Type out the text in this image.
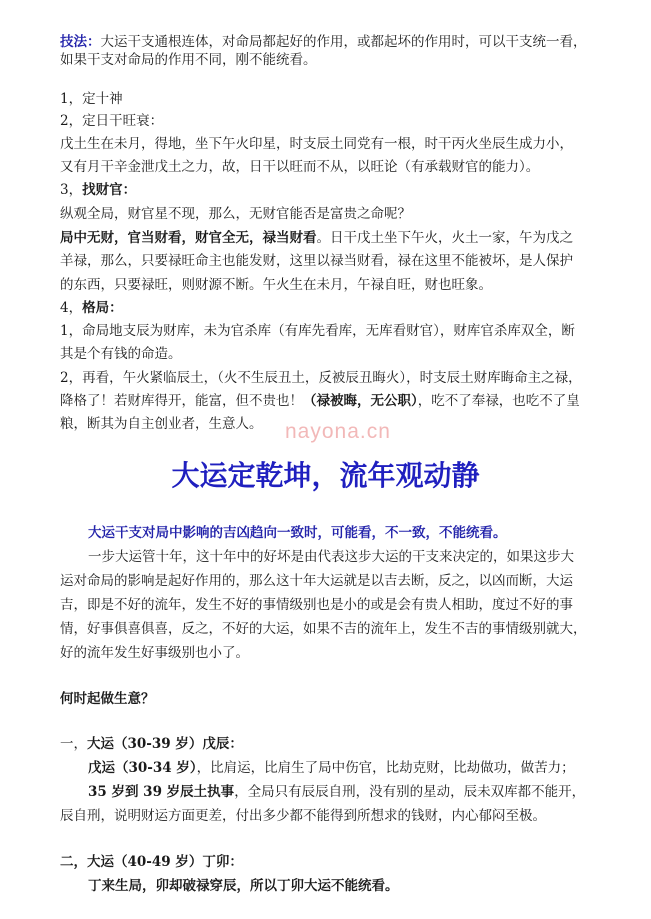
nayona.cn
技法：大运干支通根连体，对命局都起好的作用，或都起坏的作用时，可以干支统一看，
如果干支对命局的作用不同，刚不能统看。
1，定十神
2，定日干旺衰：
戊土生在未月，得地，坐下午火印星，时支辰土同党有一根，时干丙火坐辰生成力小，
又有月干辛金泄戊土之力，故，日干以旺而不从，以旺论（有承载财官的能力）。
3，找财官：
纵观全局，财官星不现，那么，无财官能否是富贵之命呢？
局中无财，官当财看，财官全无，禄当财看。日干戊土坐下午火，火土一家，午为戊之
羊禄，那么，只要禄旺命主也能发财，这里以禄当财看，禄在这里不能被坏，是人保护
的东西，只要禄旺，则财源不断。午火生在未月，午禄自旺，财也旺象。
4，格局：
1，命局地支辰为财库，未为官杀库（有库先看库，无库看财官），财库官杀库双全，断
其是个有钱的命造。
2，再看，午火紧临辰土，（火不生辰丑土，反被辰丑晦火），时支辰土财库晦命主之禄，
降格了！若财库得开，能富，但不贵也！（禄被晦，无公职），吃不了奉禄，也吃不了皇
粮，断其为自主创业者，生意人。
大运定乾坤，流年观动静
大运干支对局中影响的吉凶趋向一致时，可能看，不一致，不能统看。
一步大运管十年，这十年中的好坏是由代表这步大运的干支来决定的，如果这步大
运对命局的影响是起好作用的，那么这十年大运就是以吉去断，反之，以凶而断，大运
吉，即是不好的流年，发生不好的事情级别也是小的或是会有贵人相助，度过不好的事
情，好事俱喜俱喜，反之，不好的大运，如果不吉的流年上，发生不吉的事情级别就大，
好的流年发生好事级别也小了。
何时起做生意？
一，大运（30-39 岁）戊辰：
戊运（30-34 岁），比肩运，比肩生了局中伤官，比劫克财，比劫做功，做苦力；
35 岁到 39 岁辰土执事，全局只有辰辰自刑，没有别的星动，辰未双库都不能开，
辰自刑，说明财运方面更差，付出多少都不能得到所想求的钱财，内心郁闷至极。
二，大运（40-49 岁）丁卯：
丁来生局，卯却破禄穿辰，所以丁卯大运不能统看。
